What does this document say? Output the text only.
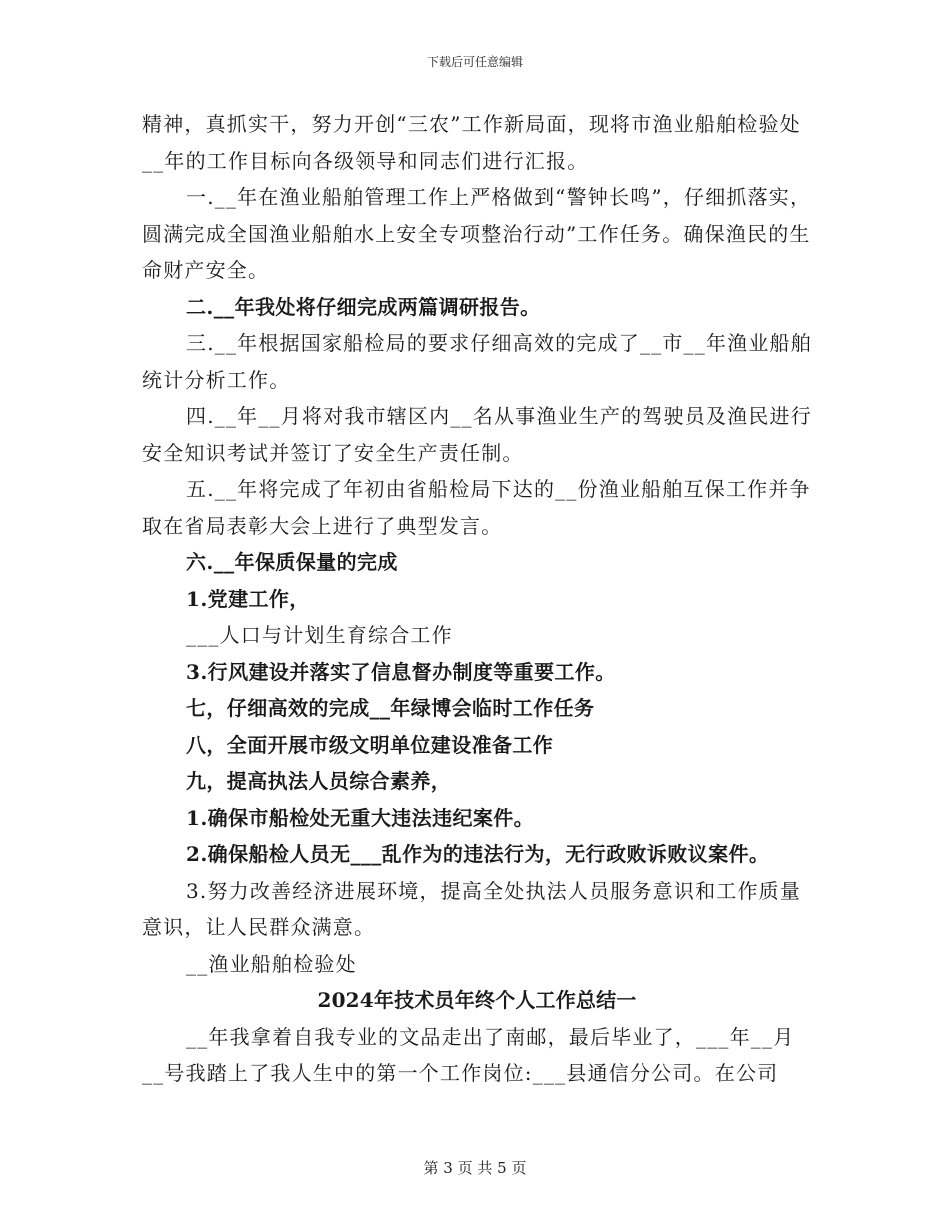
下载后可任意编辑

精神，真抓实干，努力开创“三农”工作新局面，现将市渔业船舶检验处__年的工作目标向各级领导和同志们进行汇报。

一.__年在渔业船舶管理工作上严格做到“警钟长鸣”，仔细抓落实，圆满完成全国渔业船舶水上安全专项整治行动”工作任务。确保渔民的生命财产安全。

二.__年我处将仔细完成两篇调研报告。

三.__年根据国家船检局的要求仔细高效的完成了__市__年渔业船舶统计分析工作。

四.__年__月将对我市辖区内__名从事渔业生产的驾驶员及渔民进行安全知识考试并签订了安全生产责任制。

五.__年将完成了年初由省船检局下达的__份渔业船舶互保工作并争取在省局表彰大会上进行了典型发言。

六.__年保质保量的完成

1.党建工作，

___人口与计划生育综合工作

3.行风建设并落实了信息督办制度等重要工作。

七，仔细高效的完成__年绿博会临时工作任务

八，全面开展市级文明单位建设准备工作

九，提高执法人员综合素养，

1.确保市船检处无重大违法违纪案件。

2.确保船检人员无___乱作为的违法行为，无行政败诉败议案件。

3.努力改善经济进展环境，提高全处执法人员服务意识和工作质量意识，让人民群众满意。

__渔业船舶检验处

2024年技术员年终个人工作总结一

__年我拿着自我专业的文品走出了南邮，最后毕业了，___年__月__号我踏上了我人生中的第一个工作岗位:___县通信分公司。在公司

第 3 页 共 5 页
